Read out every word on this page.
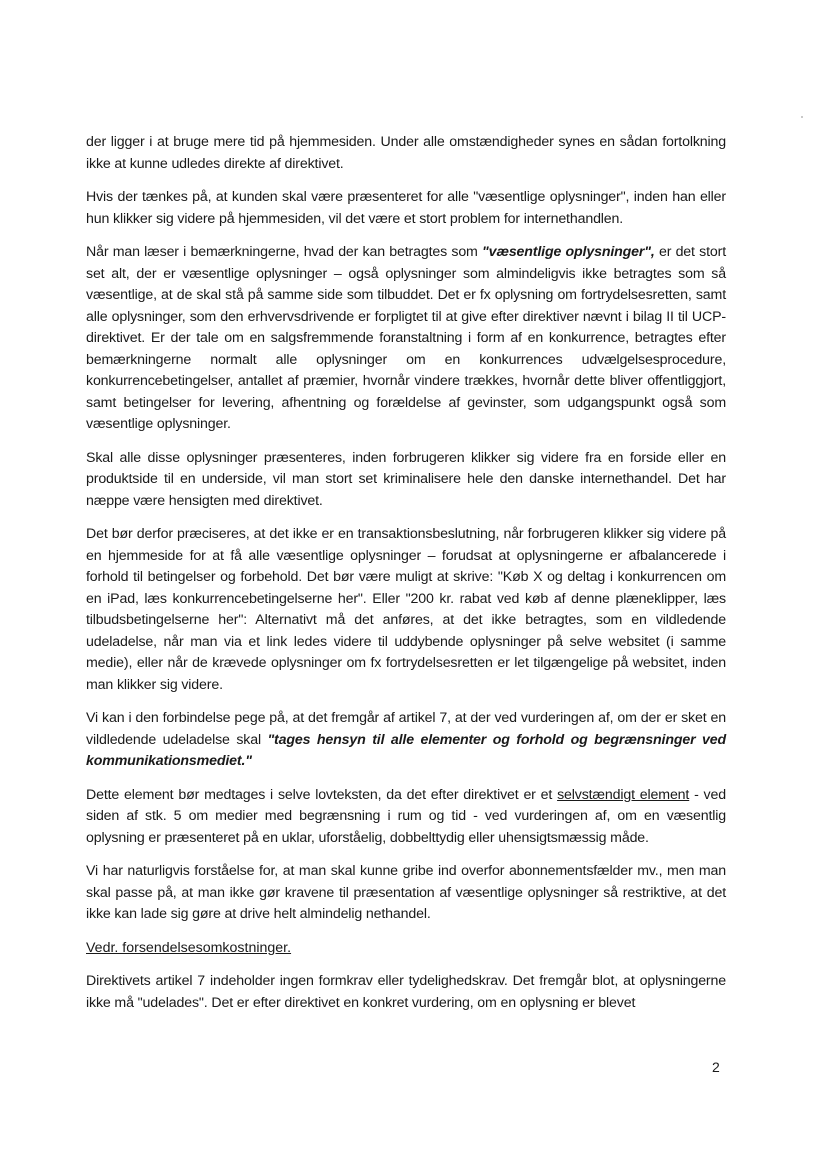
der ligger i at bruge mere tid på hjemmesiden. Under alle omstændigheder synes en sådan fortolkning ikke at kunne udledes direkte af direktivet.

Hvis der tænkes på, at kunden skal være præsenteret for alle "væsentlige oplysninger", inden han eller hun klikker sig videre på hjemmesiden, vil det være et stort problem for internethandlen.

Når man læser i bemærkningerne, hvad der kan betragtes som "væsentlige oplysninger", er det stort set alt, der er væsentlige oplysninger – også oplysninger som almindeligvis ikke betragtes som så væsentlige, at de skal stå på samme side som tilbuddet. Det er fx oplysning om fortrydelsesretten, samt alle oplysninger, som den erhvervsdrivende er forpligtet til at give efter direktiver nævnt i bilag II til UCP-direktivet. Er der tale om en salgsfremmende foranstaltning i form af en konkurrence, betragtes efter bemærkningerne normalt alle oplysninger om en konkurrences udvælgelsesprocedure, konkurrencebetingelser, antallet af præmier, hvornår vindere trækkes, hvornår dette bliver offentliggjort, samt betingelser for levering, afhentning og forældelse af gevinster, som udgangspunkt også som væsentlige oplysninger.

Skal alle disse oplysninger præsenteres, inden forbrugeren klikker sig videre fra en forside eller en produktside til en underside, vil man stort set kriminalisere hele den danske internethandel. Det har næppe være hensigten med direktivet.

Det bør derfor præciseres, at det ikke er en transaktionsbeslutning, når forbrugeren klikker sig videre på en hjemmeside for at få alle væsentlige oplysninger – forudsat at oplysningerne er afbalancerede i forhold til betingelser og forbehold. Det bør være muligt at skrive: "Køb X og deltag i konkurrencen om en iPad, læs konkurrencebetingelserne her". Eller "200 kr. rabat ved køb af denne plæneklipper, læs tilbudsbetingelserne her": Alternativt må det anføres, at det ikke betragtes, som en vildledende udeladelse, når man via et link ledes videre til uddybende oplysninger på selve websitet (i samme medie), eller når de krævede oplysninger om fx fortrydelsesretten er let tilgængelige på websitet, inden man klikker sig videre.

Vi kan i den forbindelse pege på, at det fremgår af artikel 7, at der ved vurderingen af, om der er sket en vildledende udeladelse skal "tages hensyn til alle elementer og forhold og begrænsninger ved kommunikationsmediet."

Dette element bør medtages i selve lovteksten, da det efter direktivet er et selvstændigt element - ved siden af stk. 5 om medier med begrænsning i rum og tid - ved vurderingen af, om en væsentlig oplysning er præsenteret på en uklar, uforståelig, dobbelttydig eller uhensigtsmæssig måde.

Vi har naturligvis forståelse for, at man skal kunne gribe ind overfor abonnementsfælder mv., men man skal passe på, at man ikke gør kravene til præsentation af væsentlige oplysninger så restriktive, at det ikke kan lade sig gøre at drive helt almindelig nethandel.

Vedr. forsendelsesomkostninger.

Direktivets artikel 7 indeholder ingen formkrav eller tydelighedskrav. Det fremgår blot, at oplysningerne ikke må "udelades". Det er efter direktivet en konkret vurdering, om en oplysning er blevet

2
